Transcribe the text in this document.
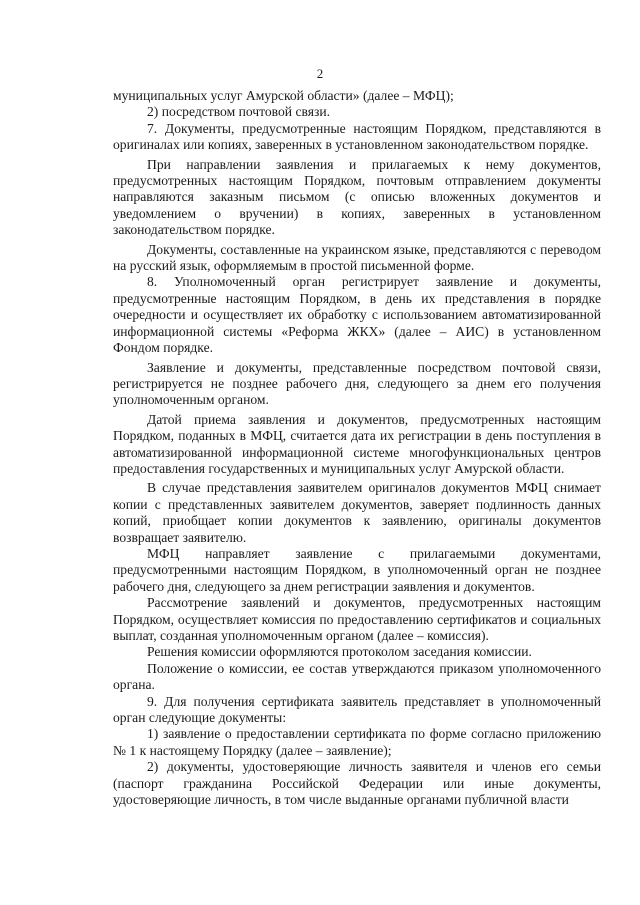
2

муниципальных услуг Амурской области» (далее – МФЦ);

2) посредством почтовой связи.

7. Документы, предусмотренные настоящим Порядком, представляются в оригиналах или копиях, заверенных в установленном законодательством порядке.

При направлении заявления и прилагаемых к нему документов, предусмотренных настоящим Порядком, почтовым отправлением документы направляются заказным письмом (с описью вложенных документов и уведомлением о вручении) в копиях, заверенных в установленном законодательством порядке.

Документы, составленные на украинском языке, представляются с переводом на русский язык, оформляемым в простой письменной форме.

8. Уполномоченный орган регистрирует заявление и документы, предусмотренные настоящим Порядком, в день их представления в порядке очередности и осуществляет их обработку с использованием автоматизированной информационной системы «Реформа ЖКХ» (далее – АИС) в установленном Фондом порядке.

Заявление и документы, представленные посредством почтовой связи, регистрируется не позднее рабочего дня, следующего за днем его получения уполномоченным органом.

Датой приема заявления и документов, предусмотренных настоящим Порядком, поданных в МФЦ, считается дата их регистрации в день поступления в автоматизированной информационной системе многофункциональных центров предоставления государственных и муниципальных услуг Амурской области.

В случае представления заявителем оригиналов документов МФЦ снимает копии с представленных заявителем документов, заверяет подлинность данных копий, приобщает копии документов к заявлению, оригиналы документов возвращает заявителю.

МФЦ направляет заявление с прилагаемыми документами, предусмотренными настоящим Порядком, в уполномоченный орган не позднее рабочего дня, следующего за днем регистрации заявления и документов.

Рассмотрение заявлений и документов, предусмотренных настоящим Порядком, осуществляет комиссия по предоставлению сертификатов и социальных выплат, созданная уполномоченным органом (далее – комиссия).

Решения комиссии оформляются протоколом заседания комиссии.

Положение о комиссии, ее состав утверждаются приказом уполномоченного органа.

9. Для получения сертификата заявитель представляет в уполномоченный орган следующие документы:

1) заявление о предоставлении сертификата по форме согласно приложению № 1 к настоящему Порядку (далее – заявление);

2) документы, удостоверяющие личность заявителя и членов его семьи (паспорт гражданина Российской Федерации или иные документы, удостоверяющие личность, в том числе выданные органами публичной власти
